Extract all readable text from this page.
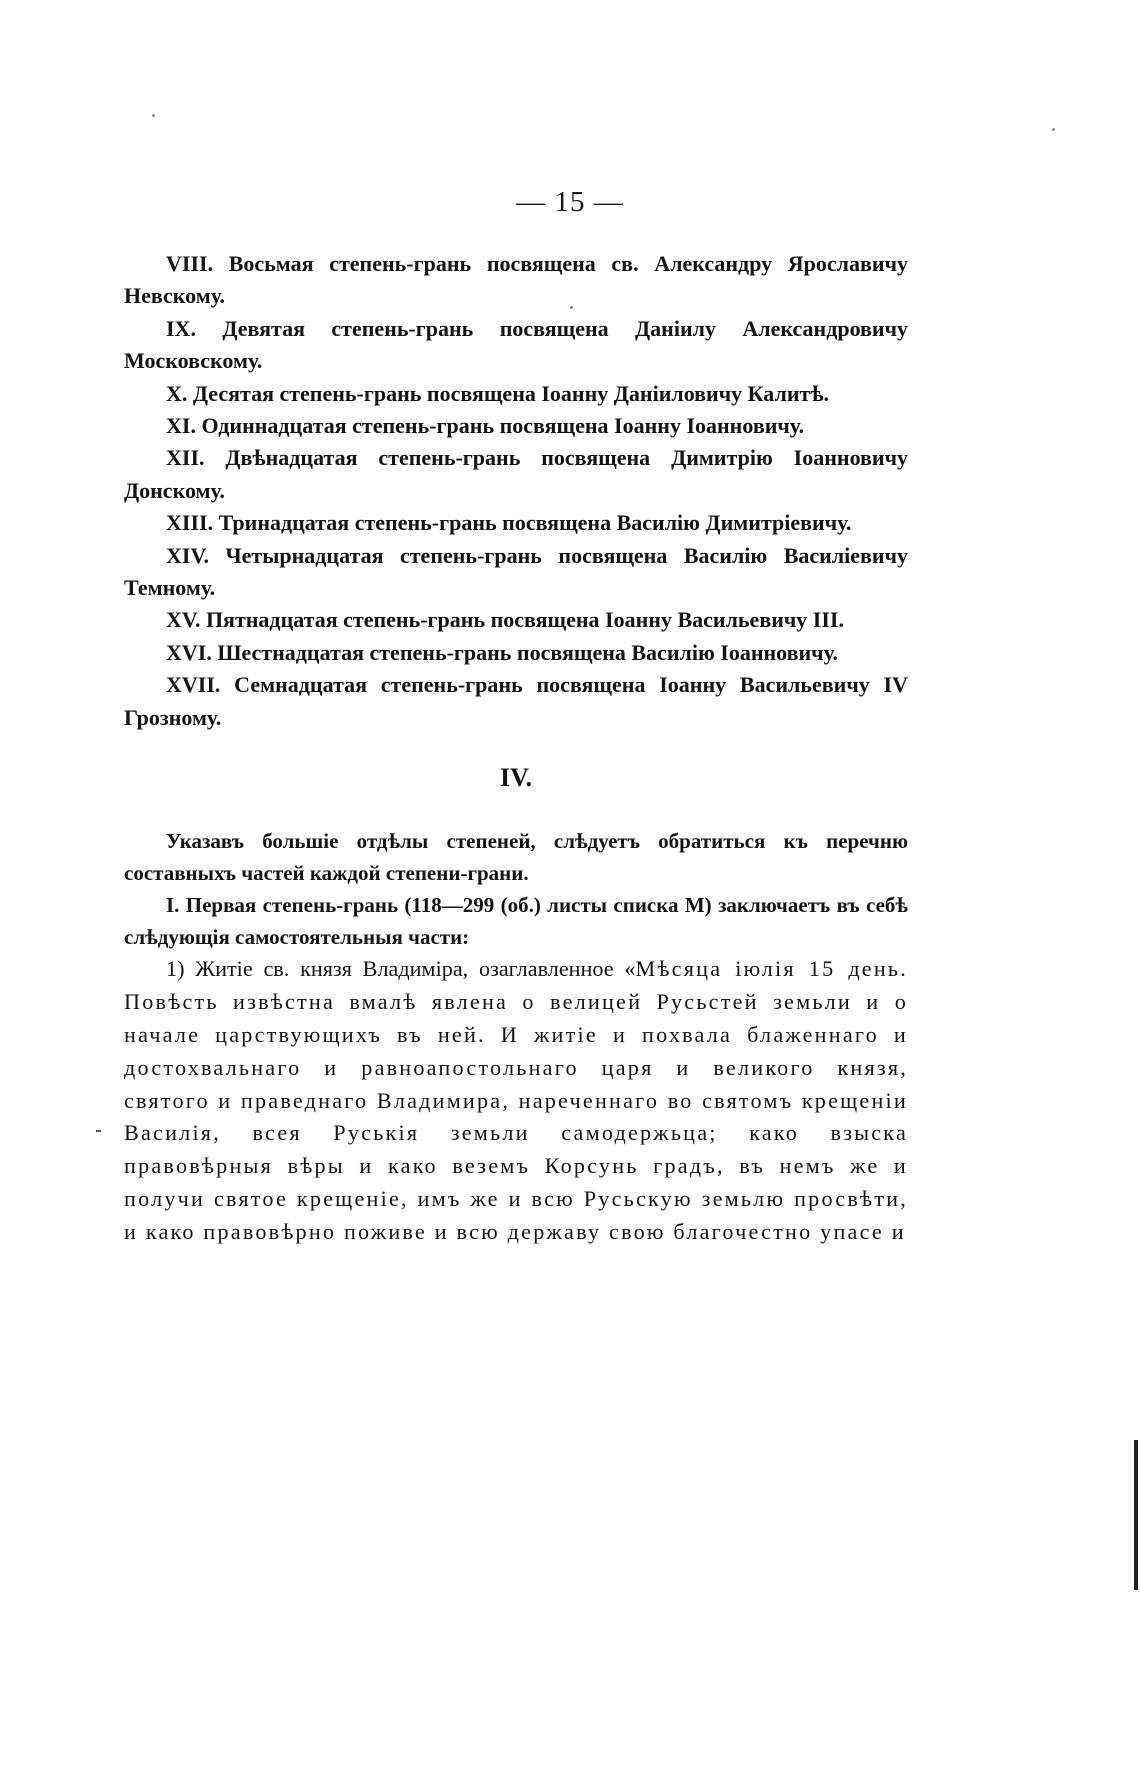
— 15 —

VIII. Восьмая степень-грань посвящена св. Александру Ярославичу Невскому.

IX. Девятая степень-грань посвящена Даніилу Александровичу Московскому.

X. Десятая степень-грань посвящена Іоанну Даніиловичу Калитѣ.

XI. Одиннадцатая степень-грань посвящена Іоанну Іоанновичу.

XII. Двѣнадцатая степень-грань посвящена Димитрію Іоанновичу Донскому.

XIII. Тринадцатая степень-грань посвящена Василію Димитріевичу.

XIV. Четырнадцатая степень-грань посвящена Василію Василіевичу Темному.

XV. Пятнадцатая степень-грань посвящена Іоанну Васильевичу III.

XVI. Шестнадцатая степень-грань посвящена Василію Іоанновичу.

XVII. Семнадцатая степень-грань посвящена Іоанну Васильевичу IV Грозному.

IV.

Указавъ большіе отдѣлы степеней, слѣдуетъ обратиться къ перечню составныхъ частей каждой степени-грани.

I. Первая степень-грань (118—299 (об.) листы списка М) заключаетъ въ себѣ слѣдующія самостоятельныя части:

1) Житіе св. князя Владиміра, озаглавленное «Мѣсяца іюлія 15 день. Повѣсть извѣстна вмалѣ явлена о велицей Русьстей земьли и о начале царствующихъ въ ней. И житіе и похвала блаженнаго и достохвальнаго и равноапостольнаго царя и великого князя, святого и праведнаго Владимира, нареченнаго во святомъ крещеніи Василія, всея Руськія земьли самодержьца; како взыска правовѣрныя вѣры и како веземъ Корсунь градъ, въ немъ же и получи святое крещеніе, имъ же и всю Русьскую земьлю просвѣти, и како правовѣрно поживе и всю державу свою благочестно упасе и
